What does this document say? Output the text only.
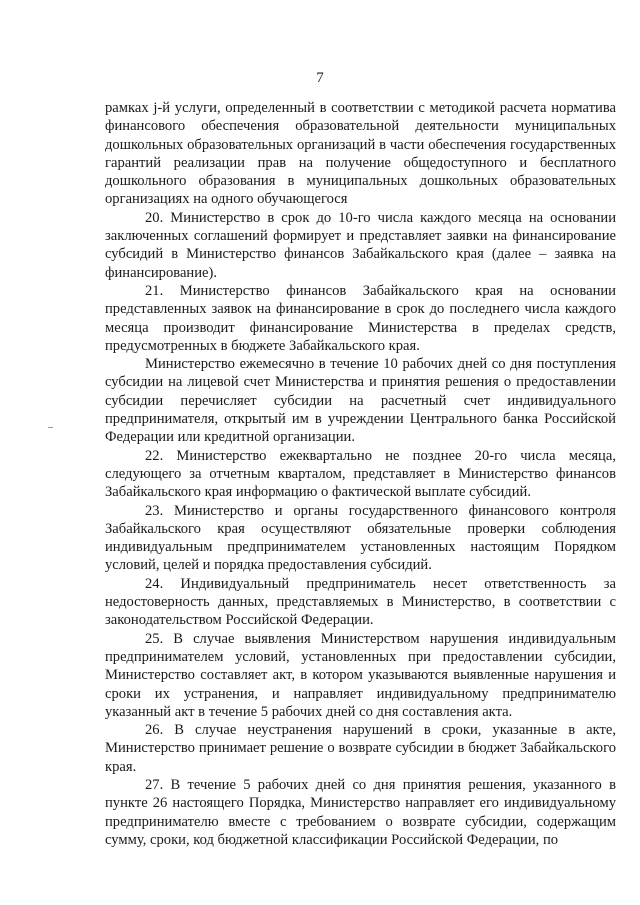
7

рамках j-й услуги, определенный в соответствии с методикой расчета норматива финансового обеспечения образовательной деятельности муниципальных дошкольных образовательных организаций в части обеспечения государственных гарантий реализации прав на получение общедоступного и бесплатного дошкольного образования в муниципальных дошкольных образовательных организациях на одного обучающегося

20. Министерство в срок до 10-го числа каждого месяца на основании заключенных соглашений формирует и представляет заявки на финансирование субсидий в Министерство финансов Забайкальского края (далее – заявка на финансирование).

21. Министерство финансов Забайкальского края на основании представленных заявок на финансирование в срок до последнего числа каждого месяца производит финансирование Министерства в пределах средств, предусмотренных в бюджете Забайкальского края.

Министерство ежемесячно в течение 10 рабочих дней со дня поступления субсидии на лицевой счет Министерства и принятия решения о предоставлении субсидии перечисляет субсидии на расчетный счет индивидуального предпринимателя, открытый им в учреждении Центрального банка Российской Федерации или кредитной организации.

22. Министерство ежеквартально не позднее 20-го числа месяца, следующего за отчетным кварталом, представляет в Министерство финансов Забайкальского края информацию о фактической выплате субсидий.

23. Министерство и органы государственного финансового контроля Забайкальского края осуществляют обязательные проверки соблюдения индивидуальным предпринимателем установленных настоящим Порядком условий, целей и порядка предоставления субсидий.

24. Индивидуальный предприниматель несет ответственность за недостоверность данных, представляемых в Министерство, в соответствии с законодательством Российской Федерации.

25. В случае выявления Министерством нарушения индивидуальным предпринимателем условий, установленных при предоставлении субсидии, Министерство составляет акт, в котором указываются выявленные нарушения и сроки их устранения, и направляет индивидуальному предпринимателю указанный акт в течение 5 рабочих дней со дня составления акта.

26. В случае неустранения нарушений в сроки, указанные в акте, Министерство принимает решение о возврате субсидии в бюджет Забайкальского края.

27. В течение 5 рабочих дней со дня принятия решения, указанного в пункте 26 настоящего Порядка, Министерство направляет его индивидуальному предпринимателю вместе с требованием о возврате субсидии, содержащим сумму, сроки, код бюджетной классификации Российской Федерации, по
